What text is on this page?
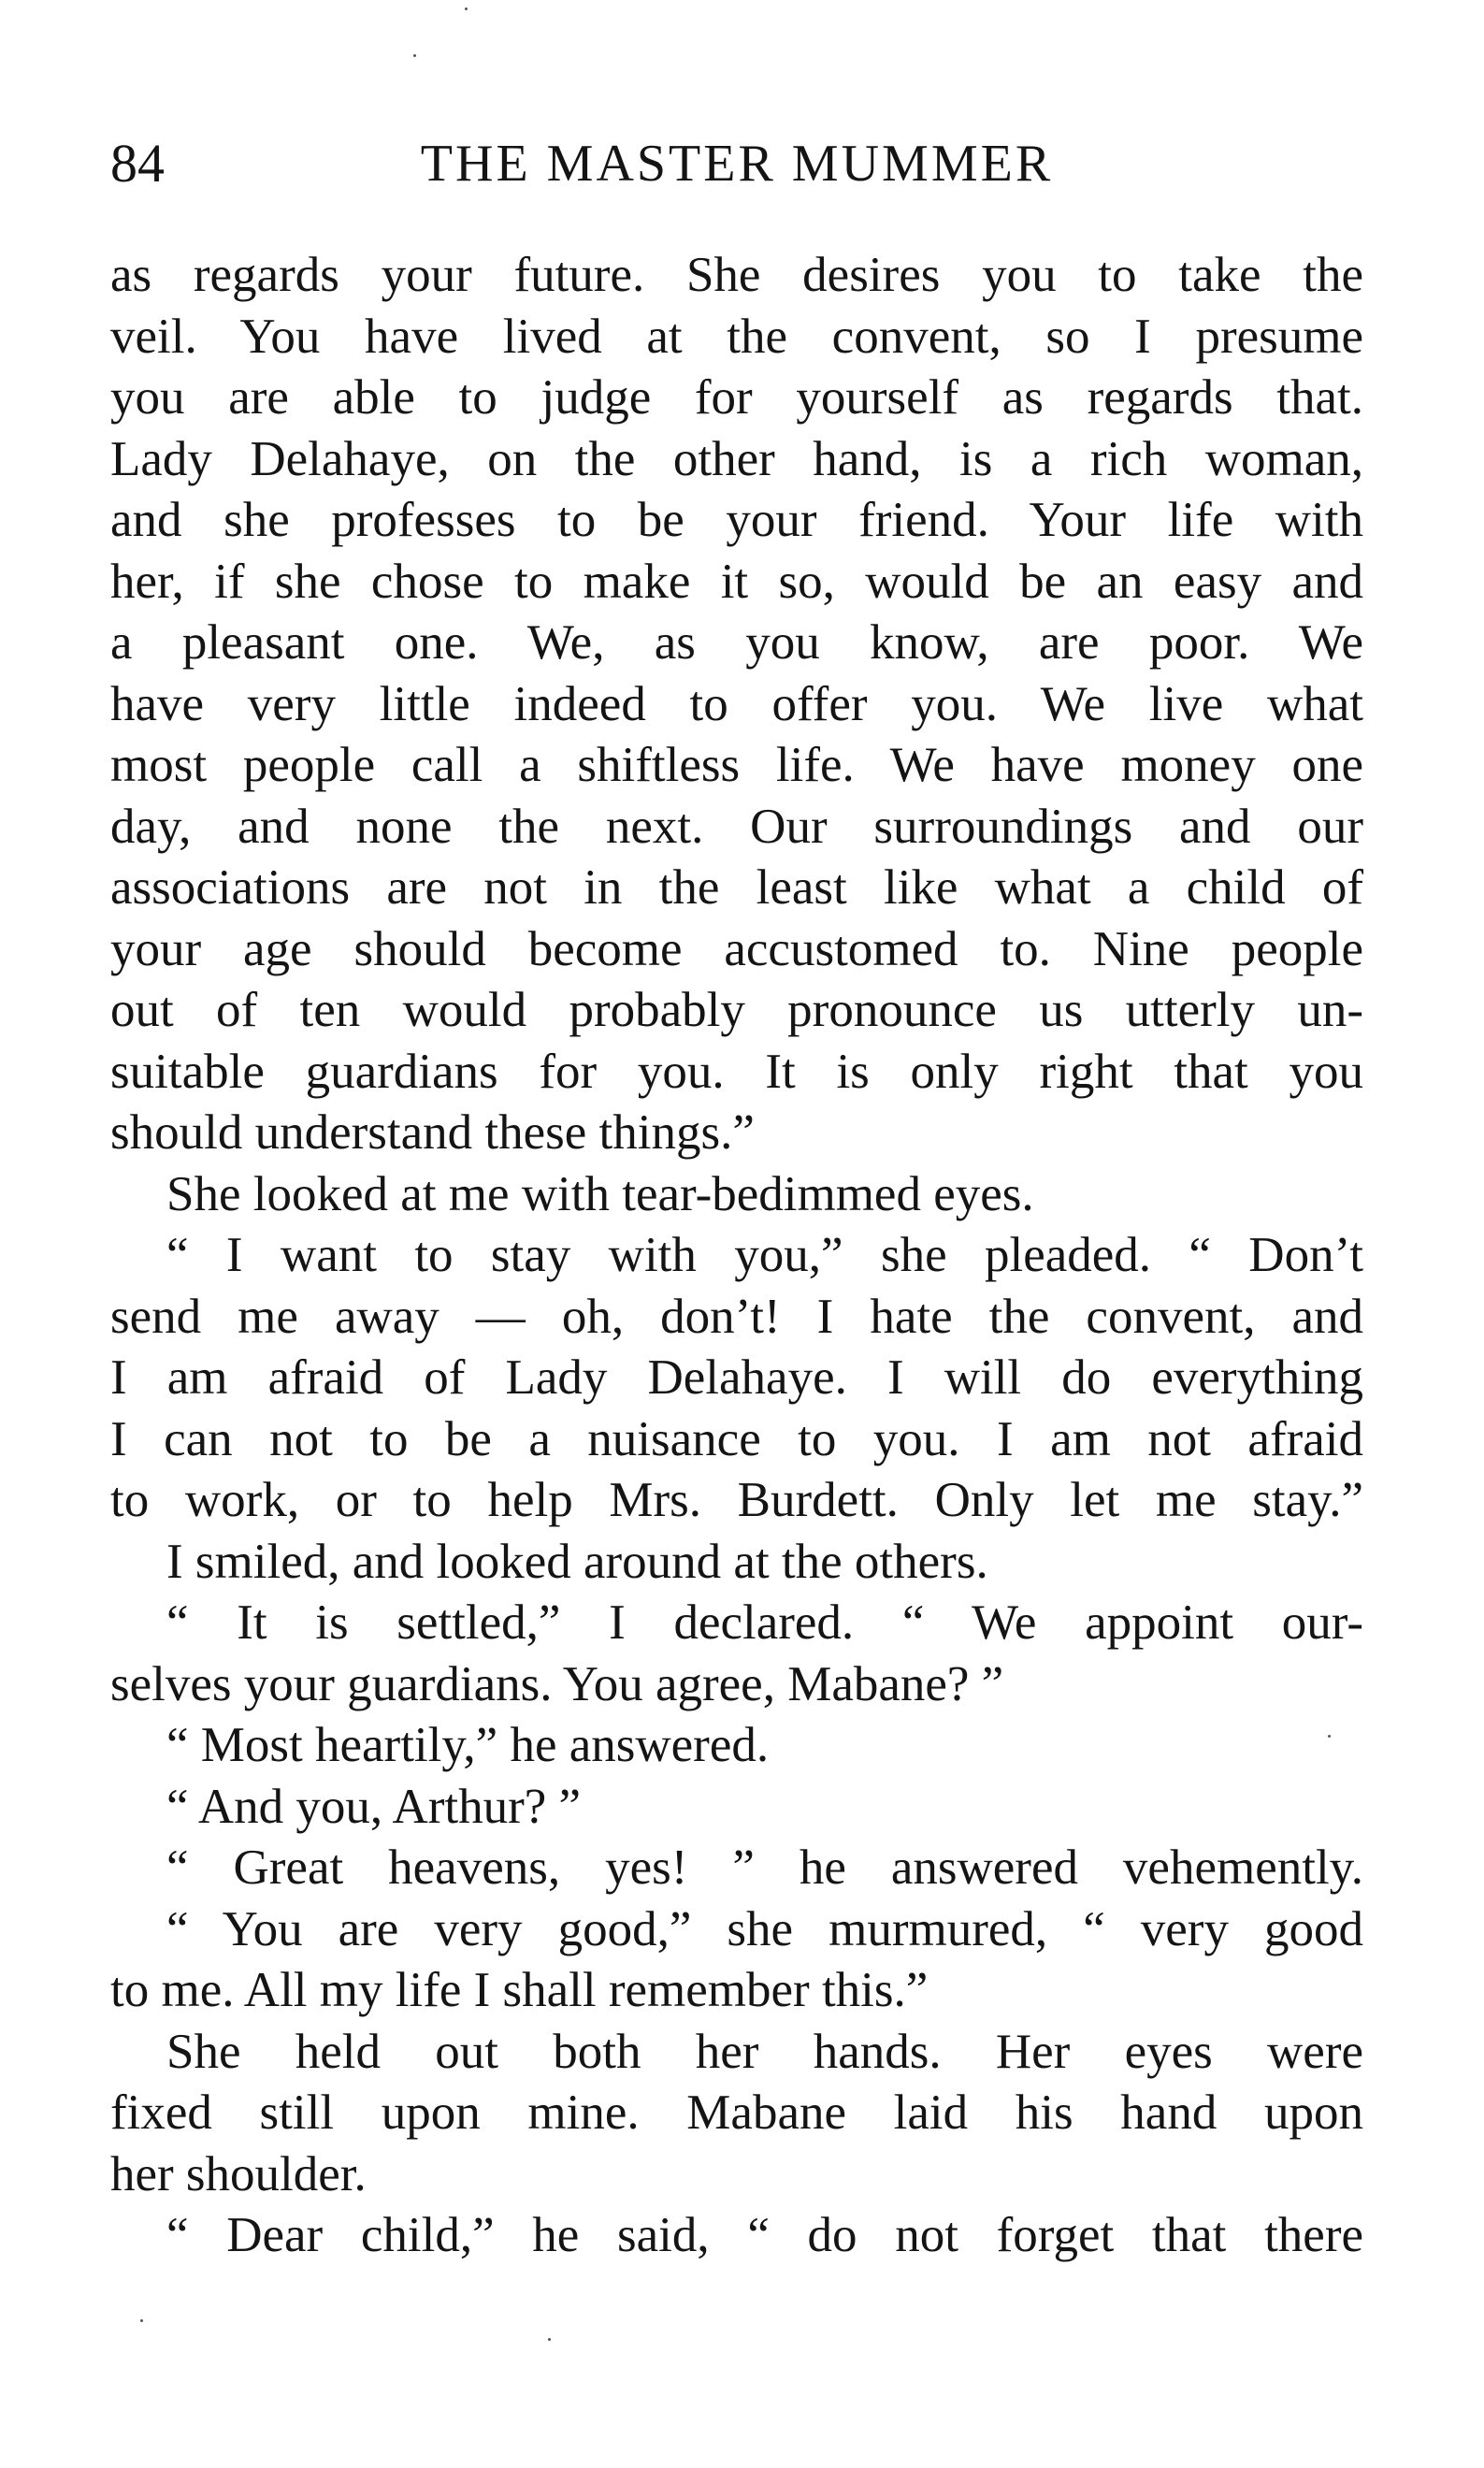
84	THE MASTER MUMMER
as regards your future. She desires you to take the
veil. You have lived at the convent, so I presume
you are able to judge for yourself as regards that.
Lady Delahaye, on the other hand, is a rich woman,
and she professes to be your friend. Your life with
her, if she chose to make it so, would be an easy and
a pleasant one. We, as you know, are poor. We
have very little indeed to offer you. We live what
most people call a shiftless life. We have money one
day, and none the next. Our surroundings and our
associations are not in the least like what a child of
your age should become accustomed to. Nine people
out of ten would probably pronounce us utterly un-
suitable guardians for you. It is only right that you
should understand these things.”
She looked at me with tear-bedimmed eyes.
“ I want to stay with you,” she pleaded. “ Don’t
send me away — oh, don’t! I hate the convent, and
I am afraid of Lady Delahaye. I will do everything
I can not to be a nuisance to you. I am not afraid
to work, or to help Mrs. Burdett. Only let me stay.”
I smiled, and looked around at the others.
“ It is settled,” I declared. “ We appoint our-
selves your guardians. You agree, Mabane? ”
“ Most heartily,” he answered.
“ And you, Arthur? ”
“ Great heavens, yes! ” he answered vehemently.
“ You are very good,” she murmured, “ very good
to me. All my life I shall remember this.”
She held out both her hands. Her eyes were
fixed still upon mine. Mabane laid his hand upon
her shoulder.
“ Dear child,” he said, “ do not forget that there
